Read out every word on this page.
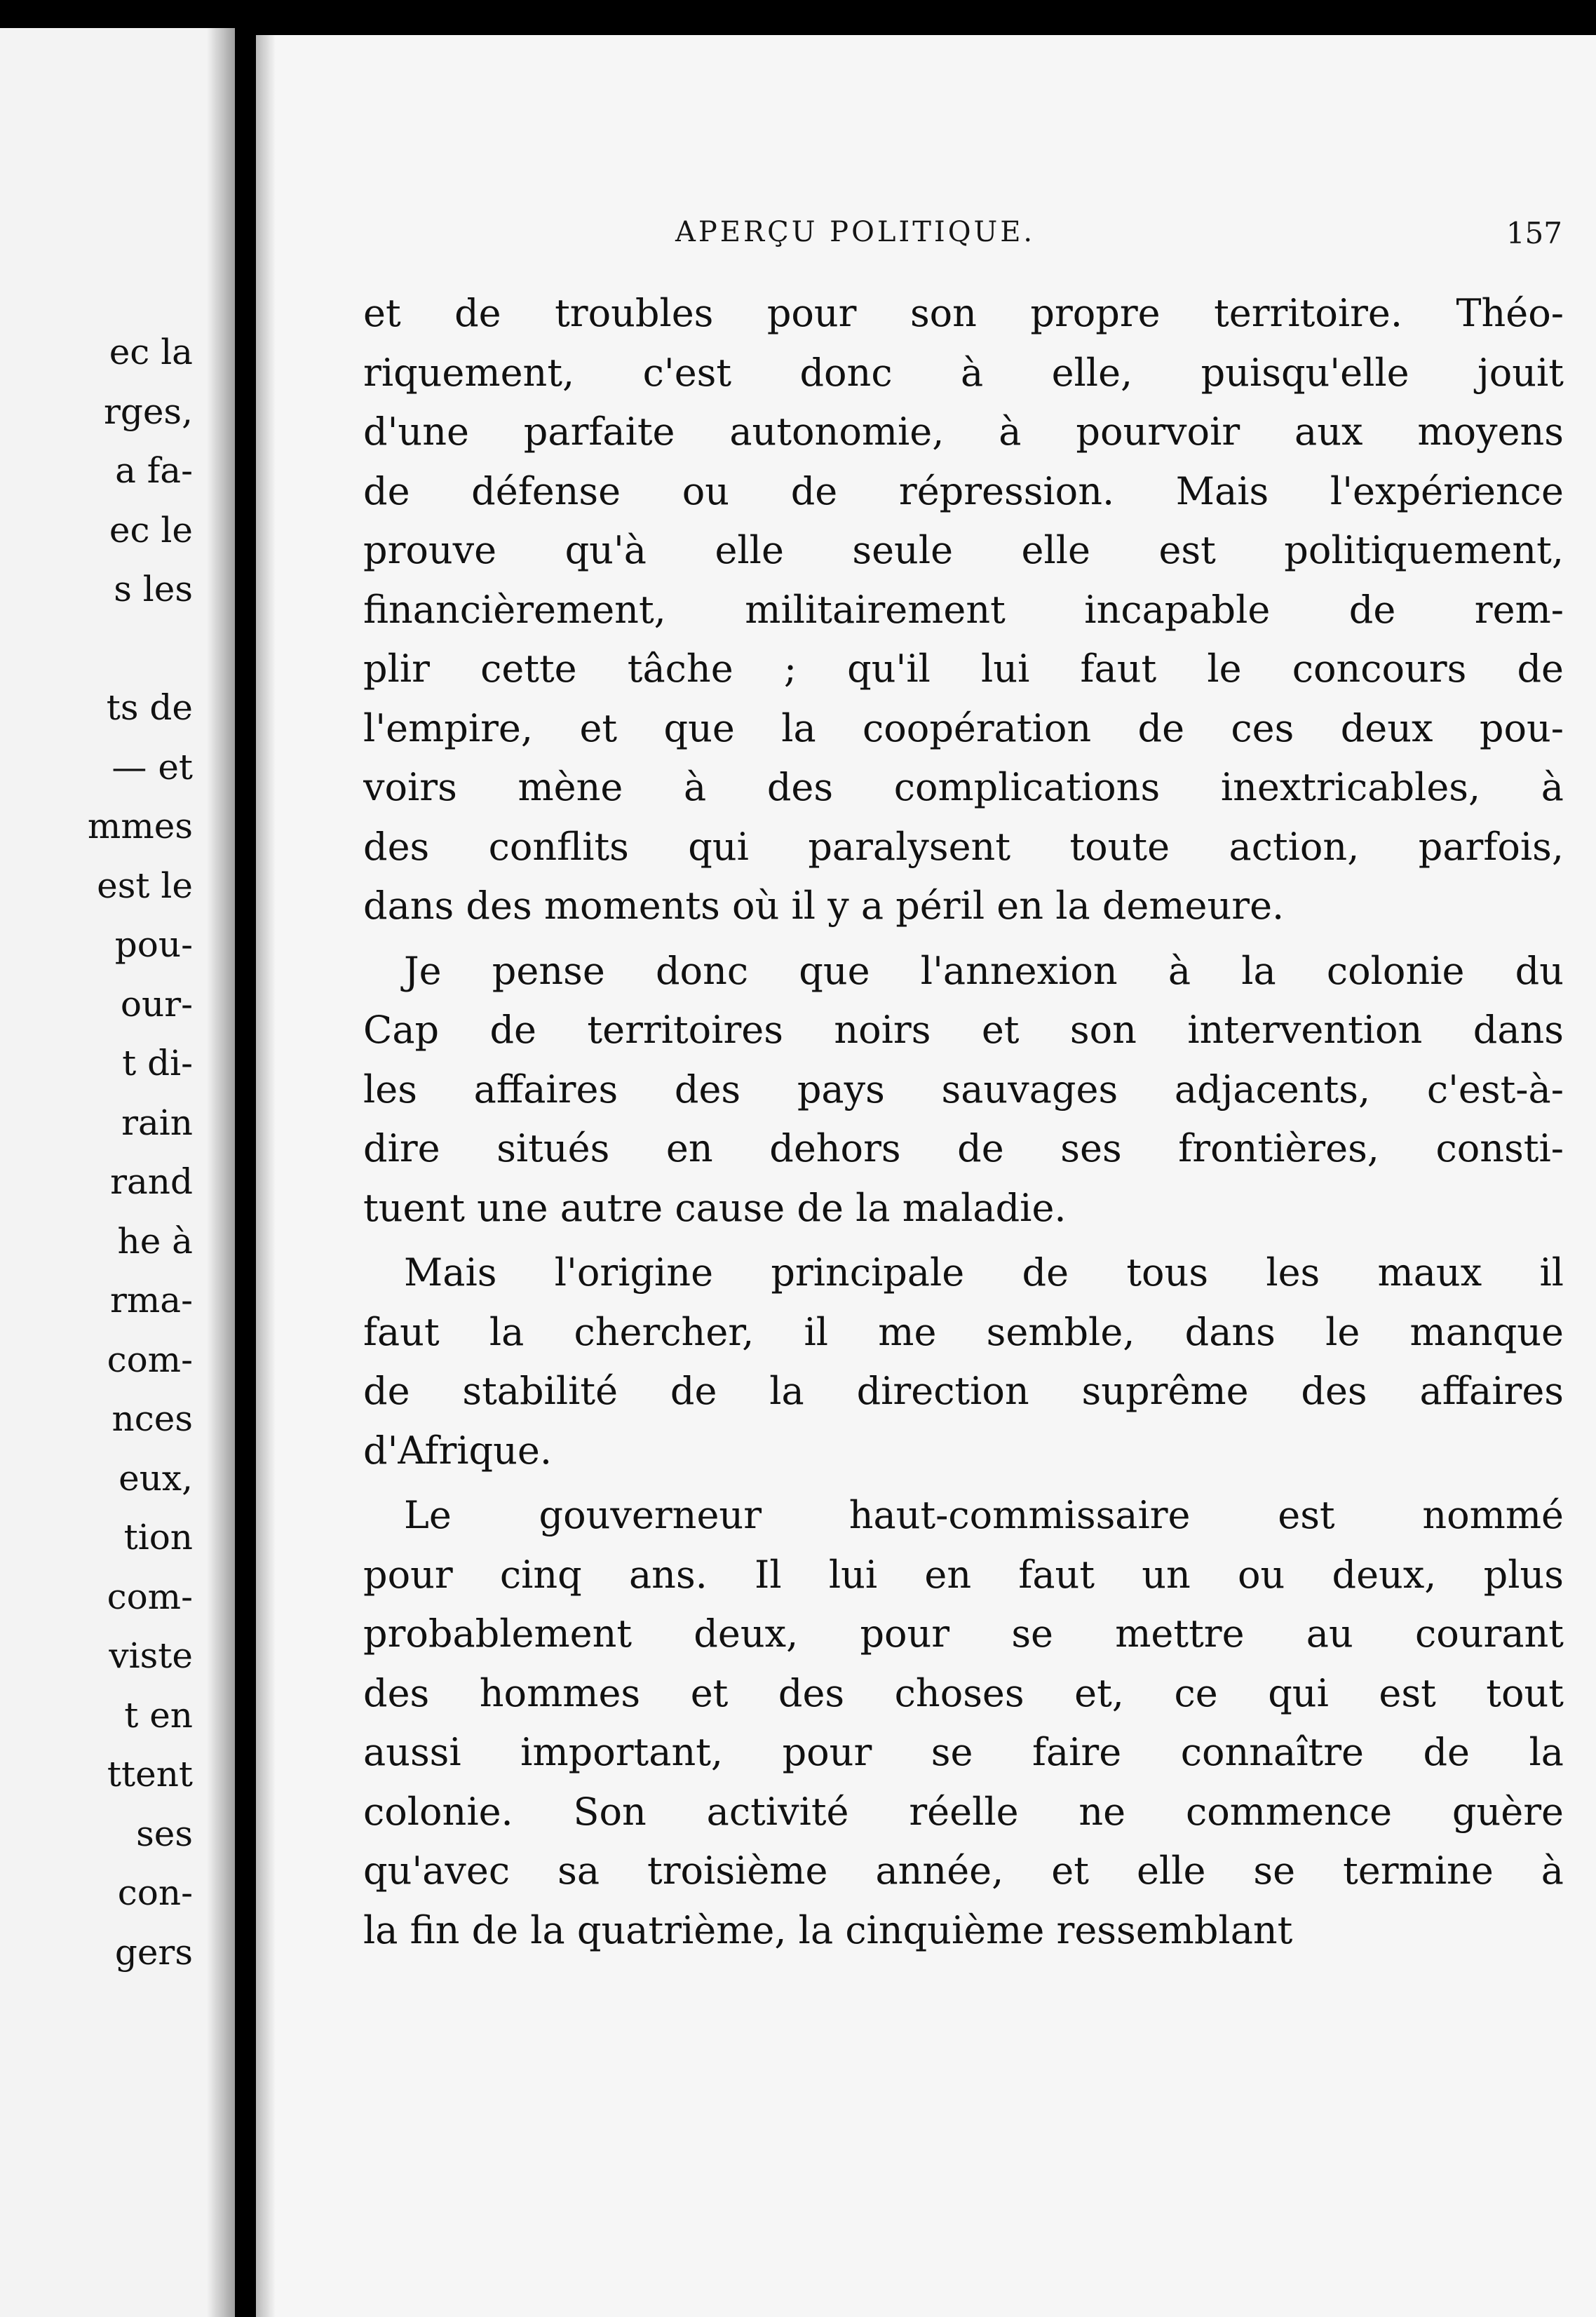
ec la
rges,
a fa-
ec le
s les
ts de
— et
mmes
est le
pou-
our-
t di-
rain
rand
he à
rma-
com-
nces
eux,
tion
com-
viste
t en
ttent
ses
con-
gers
APERÇU POLITIQUE.	157
et de troubles pour son propre territoire. Théo-
riquement, c'est donc à elle, puisqu'elle jouit
d'une parfaite autonomie, à pourvoir aux moyens
de défense ou de répression. Mais l'expérience
prouve qu'à elle seule elle est politiquement,
financièrement, militairement incapable de rem-
plir cette tâche ; qu'il lui faut le concours de
l'empire, et que la coopération de ces deux pou-
voirs mène à des complications inextricables, à
des conflits qui paralysent toute action, parfois,
dans des moments où il y a péril en la demeure.
Je pense donc que l'annexion à la colonie du
Cap de territoires noirs et son intervention dans
les affaires des pays sauvages adjacents, c'est-à-
dire situés en dehors de ses frontières, consti-
tuent une autre cause de la maladie.
Mais l'origine principale de tous les maux il
faut la chercher, il me semble, dans le manque
de stabilité de la direction suprême des affaires
d'Afrique.
Le gouverneur haut-commissaire est nommé
pour cinq ans. Il lui en faut un ou deux, plus
probablement deux, pour se mettre au courant
des hommes et des choses et, ce qui est tout
aussi important, pour se faire connaître de la
colonie. Son activité réelle ne commence guère
qu'avec sa troisième année, et elle se termine à
la fin de la quatrième, la cinquième ressemblant
